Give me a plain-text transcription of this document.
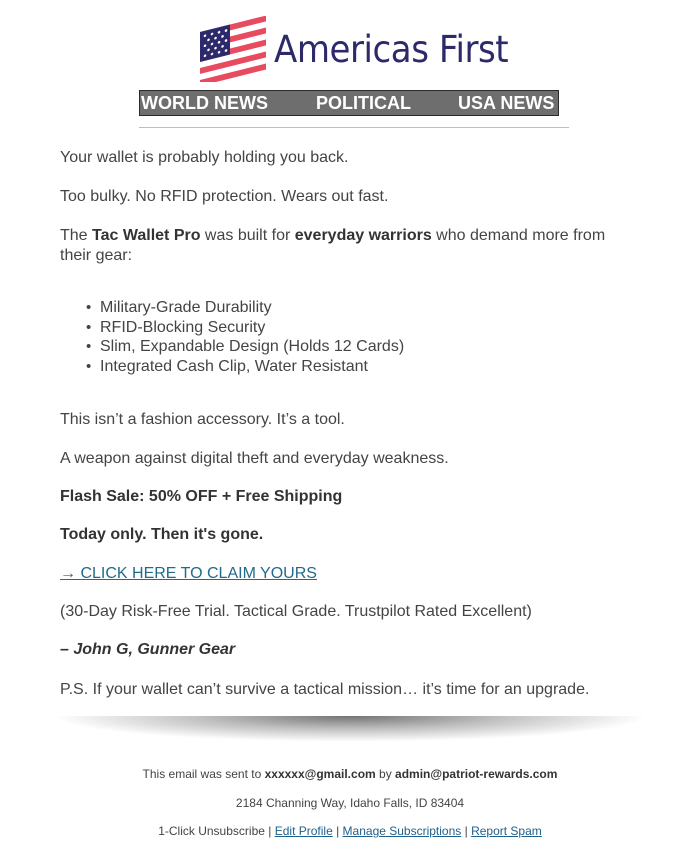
Americas First
WORLD NEWS	POLITICAL	USA NEWS

Your wallet is probably holding you back.

Too bulky. No RFID protection. Wears out fast.

The Tac Wallet Pro was built for everyday warriors who demand more from their gear:

• Military-Grade Durability
• RFID-Blocking Security
• Slim, Expandable Design (Holds 12 Cards)
• Integrated Cash Clip, Water Resistant

This isn’t a fashion accessory. It’s a tool.

A weapon against digital theft and everyday weakness.

Flash Sale: 50% OFF + Free Shipping

Today only. Then it's gone.

→ CLICK HERE TO CLAIM YOURS

(30-Day Risk-Free Trial. Tactical Grade. Trustpilot Rated Excellent)

– John G, Gunner Gear

P.S. If your wallet can’t survive a tactical mission… it’s time for an upgrade.

This email was sent to xxxxxx@gmail.com by admin@patriot-rewards.com
2184 Channing Way, Idaho Falls, ID 83404
1-Click Unsubscribe | Edit Profile | Manage Subscriptions | Report Spam
